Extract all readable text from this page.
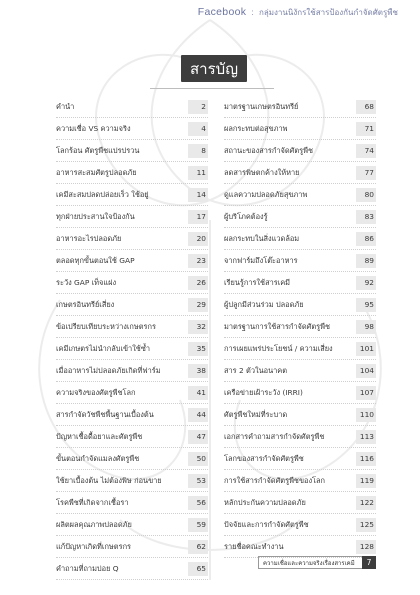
Facebook : กลุ่มงานนิงักรใช้สารป้องกันกำจัดศัตรูพืช
สารบัญ
คำนำ	2
ความเชื่อ VS ความจริง	4
โลกร้อน ศัตรูพืชแปรปรวน	8
อาหารสะสมศัตรูปลอดภัย	11
เคมีสะสมปลดปล่อยเร็ว ใช้อยู่	14
ทุกฝ่ายประสานใจป้องกัน	17
อาหารอะไรปลอดภัย	20
ตลอดทุกขั้นตอนใช้ GAP	23
ระวัง GAP เท็จแฝง	26
เกษตรอินทรีย์เสี่ยง	29
ข้อเปรียบเทียบระหว่างเกษตรกร	32
เคมีเกษตรไม่นำกลับเข้าใช้ซ้ำ	35
เมื่ออาหารไม่ปลอดภัยเกิดที่ฟาร์ม	38
ความจริงของศัตรูพืชโลก	41
สารกำจัดวัชพืชพื้นฐานเบื้องต้น	44
ปัญหาเชื้อดื้อยาและศัตรูพืช	47
ขั้นตอนกำจัดแมลงศัตรูพืช	50
ใช้ยาเบื้องต้น ไม่ต้องพิษ ก่อนขาย	53
โรคพืชที่เกิดจากเชื้อรา	56
ผลิตผลคุณภาพปลอดภัย	59
แก้ปัญหาเกิดที่เกษตรกร	62
คำถามที่ถามบ่อย Q	65
มาตรฐานเกษตรอินทรีย์	68
ผลกระทบต่อสุขภาพ	71
สถานะของสารกำจัดศัตรูพืช	74
ลดสารพิษตกค้างให้หาย	77
ดูแลความปลอดภัยสุขภาพ	80
ผู้บริโภคต้องรู้	83
ผลกระทบในสิ่งแวดล้อม	86
จากฟาร์มถึงโต๊ะอาหาร	89
เรียนรู้การใช้สารเคมี	92
ผู้ปลูกมีส่วนร่วม ปลอดภัย	95
มาตรฐานการใช้สารกำจัดศัตรูพืช	98
การเผยแพร่ประโยชน์ / ความเสี่ยง	101
สาร 2 ตัวในอนาคต	104
เครือข่ายเฝ้าระวัง (IRRI)	107
ศัตรูพืชใหม่ที่ระบาด	110
เอกสารคำถามสารกำจัดศัตรูพืช	113
โลกของสารกำจัดศัตรูพืช	116
การใช้สารกำจัดศัตรูพืชของโลก	119
หลักประกันความปลอดภัย	122
ปัจจัยและการกำจัดศัตรูพืช	125
รายชื่อคณะทำงาน	128
ความเชื่อและความจริงเรื่องสารเคมี	7
